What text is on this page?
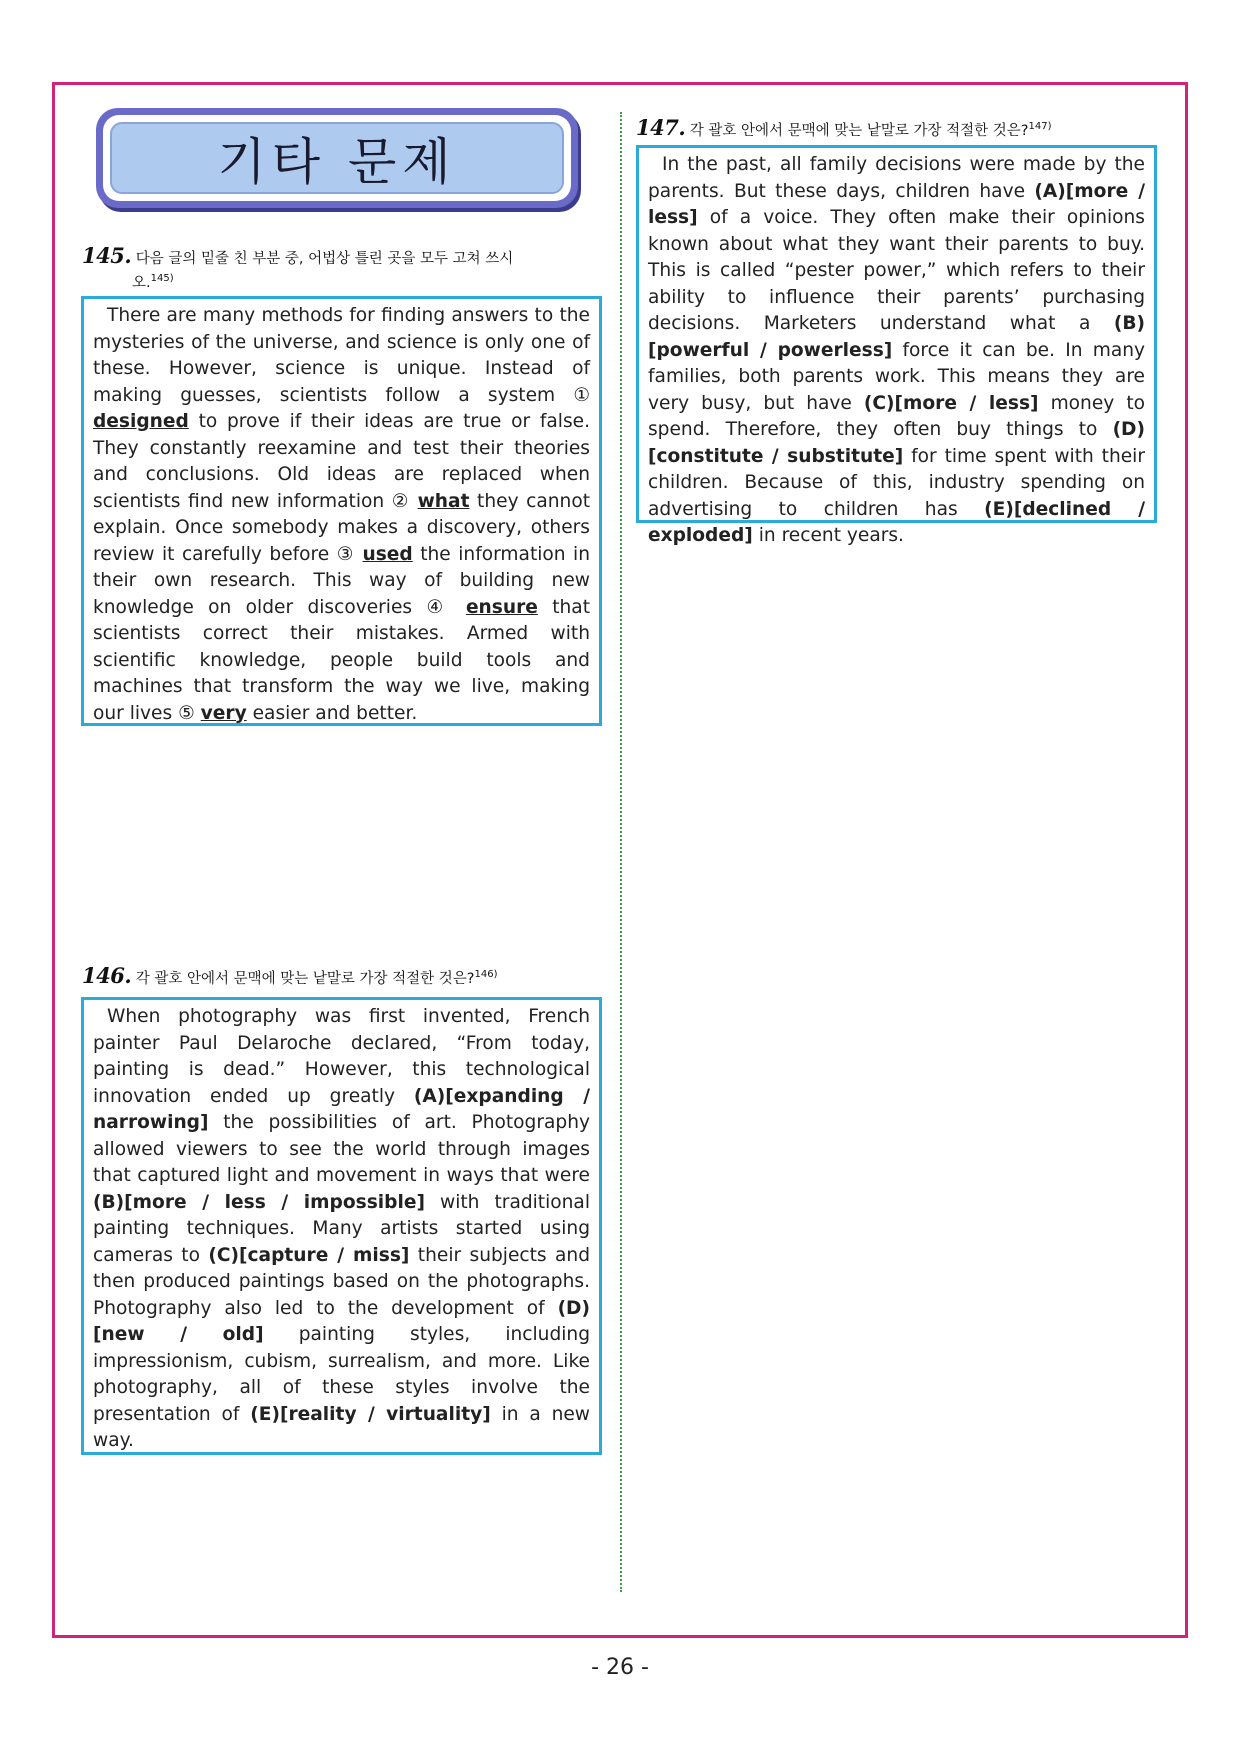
기타 문제
145. 다음 글의 밑줄 친 부분 중, 어법상 틀린 곳을 모두 고쳐 쓰시
오.$^{145)}$

There are many methods for finding answers to the mysteries of the universe, and science is only one of these. However, science is unique. Instead of making guesses, scientists follow a system ① designed to prove if their ideas are true or false. They constantly reexamine and test their theories and conclusions. Old ideas are replaced when scientists find new information ② what they cannot explain. Once somebody makes a discovery, others review it carefully before ③ used the information in their own research. This way of building new knowledge on older discoveries ④ ensure that scientists correct their mistakes. Armed with scientific knowledge, people build tools and machines that transform the way we live, making our lives ⑤ very easier and better.

146. 각 괄호 안에서 문맥에 맞는 낱말로 가장 적절한 것은?$^{146)}$

When photography was first invented, French painter Paul Delaroche declared, “From today, painting is dead.” However, this technological innovation ended up greatly (A)[expanding / narrowing] the possibilities of art. Photography allowed viewers to see the world through images that captured light and movement in ways that were (B)[more / less / impossible] with traditional painting techniques. Many artists started using cameras to (C)[capture / miss] their subjects and then produced paintings based on the photographs. Photography also led to the development of (D)[new / old] painting styles, including impressionism, cubism, surrealism, and more. Like photography, all of these styles involve the presentation of (E)[reality / virtuality] in a new way.

147. 각 괄호 안에서 문맥에 맞는 낱말로 가장 적절한 것은?$^{147)}$

In the past, all family decisions were made by the parents. But these days, children have (A)[more / less] of a voice. They often make their opinions known about what they want their parents to buy. This is called “pester power,” which refers to their ability to influence their parents’ purchasing decisions. Marketers understand what a (B)[powerful / powerless] force it can be. In many families, both parents work. This means they are very busy, but have (C)[more / less] money to spend. Therefore, they often buy things to (D)[constitute / substitute] for time spent with their children. Because of this, industry spending on advertising to children has (E)[declined / exploded] in recent years.

- 26 -
